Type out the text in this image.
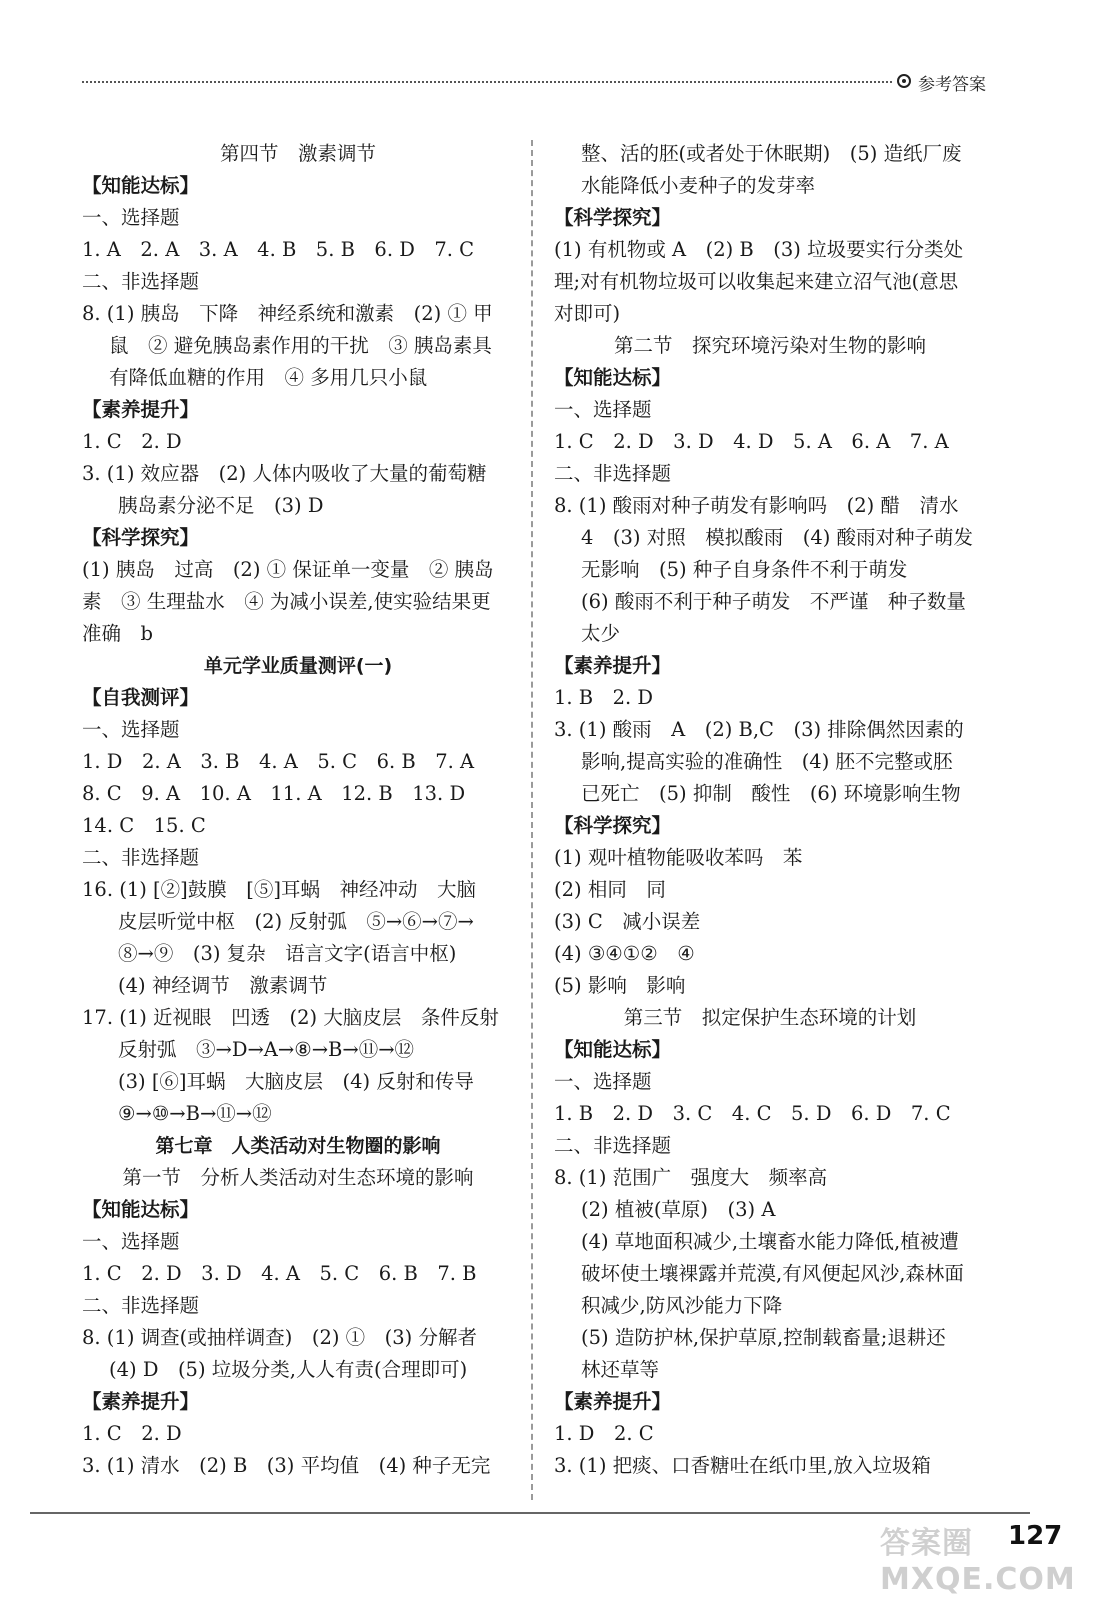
参考答案
第四节　激素调节
【知能达标】
一、选择题
1. A　2. A　3. A　4. B　5. B　6. D　7. C
二、非选择题
8. (1) 胰岛　下降　神经系统和激素　(2) ① 甲
鼠　② 避免胰岛素作用的干扰　③ 胰岛素具
有降低血糖的作用　④ 多用几只小鼠
【素养提升】
1. C　2. D
3. (1) 效应器　(2) 人体内吸收了大量的葡萄糖
胰岛素分泌不足　(3) D
【科学探究】
(1) 胰岛　过高　(2) ① 保证单一变量　② 胰岛
素　③ 生理盐水　④ 为减小误差,使实验结果更
准确　b
单元学业质量测评(一)
【自我测评】
一、选择题
1. D　2. A　3. B　4. A　5. C　6. B　7. A
8. C　9. A　10. A　11. A　12. B　13. D
14. C　15. C
二、非选择题
16. (1) [②]鼓膜　[⑤]耳蜗　神经冲动　大脑
皮层听觉中枢　(2) 反射弧　⑤→⑥→⑦→
⑧→⑨　(3) 复杂　语言文字(语言中枢)
(4) 神经调节　激素调节
17. (1) 近视眼　凹透　(2) 大脑皮层　条件反射
反射弧　③→D→A→⑧→B→⑪→⑫
(3) [⑥]耳蜗　大脑皮层　(4) 反射和传导
⑨→⑩→B→⑪→⑫
第七章　人类活动对生物圈的影响
第一节　分析人类活动对生态环境的影响
【知能达标】
一、选择题
1. C　2. D　3. D　4. A　5. C　6. B　7. B
二、非选择题
8. (1) 调查(或抽样调查)　(2) ①　(3) 分解者
(4) D　(5) 垃圾分类,人人有责(合理即可)
【素养提升】
1. C　2. D
3. (1) 清水　(2) B　(3) 平均值　(4) 种子无完
整、活的胚(或者处于休眠期)　(5) 造纸厂废
水能降低小麦种子的发芽率
【科学探究】
(1) 有机物或 A　(2) B　(3) 垃圾要实行分类处
理;对有机物垃圾可以收集起来建立沼气池(意思
对即可)
第二节　探究环境污染对生物的影响
【知能达标】
一、选择题
1. C　2. D　3. D　4. D　5. A　6. A　7. A
二、非选择题
8. (1) 酸雨对种子萌发有影响吗　(2) 醋　清水
4　(3) 对照　模拟酸雨　(4) 酸雨对种子萌发
无影响　(5) 种子自身条件不利于萌发
(6) 酸雨不利于种子萌发　不严谨　种子数量
太少
【素养提升】
1. B　2. D
3. (1) 酸雨　A　(2) B,C　(3) 排除偶然因素的
影响,提高实验的准确性　(4) 胚不完整或胚
已死亡　(5) 抑制　酸性　(6) 环境影响生物
【科学探究】
(1) 观叶植物能吸收苯吗　苯
(2) 相同　同
(3) C　减小误差
(4) ③④①②　④
(5) 影响　影响
第三节　拟定保护生态环境的计划
【知能达标】
一、选择题
1. B　2. D　3. C　4. C　5. D　6. D　7. C
二、非选择题
8. (1) 范围广　强度大　频率高
(2) 植被(草原)　(3) A
(4) 草地面积减少,土壤畜水能力降低,植被遭
破坏使土壤裸露并荒漠,有风便起风沙,森林面
积减少,防风沙能力下降
(5) 造防护林,保护草原,控制载畜量;退耕还
林还草等
【素养提升】
1. D　2. C
3. (1) 把痰、口香糖吐在纸巾里,放入垃圾箱
答案圈 MXQE.COM
127
